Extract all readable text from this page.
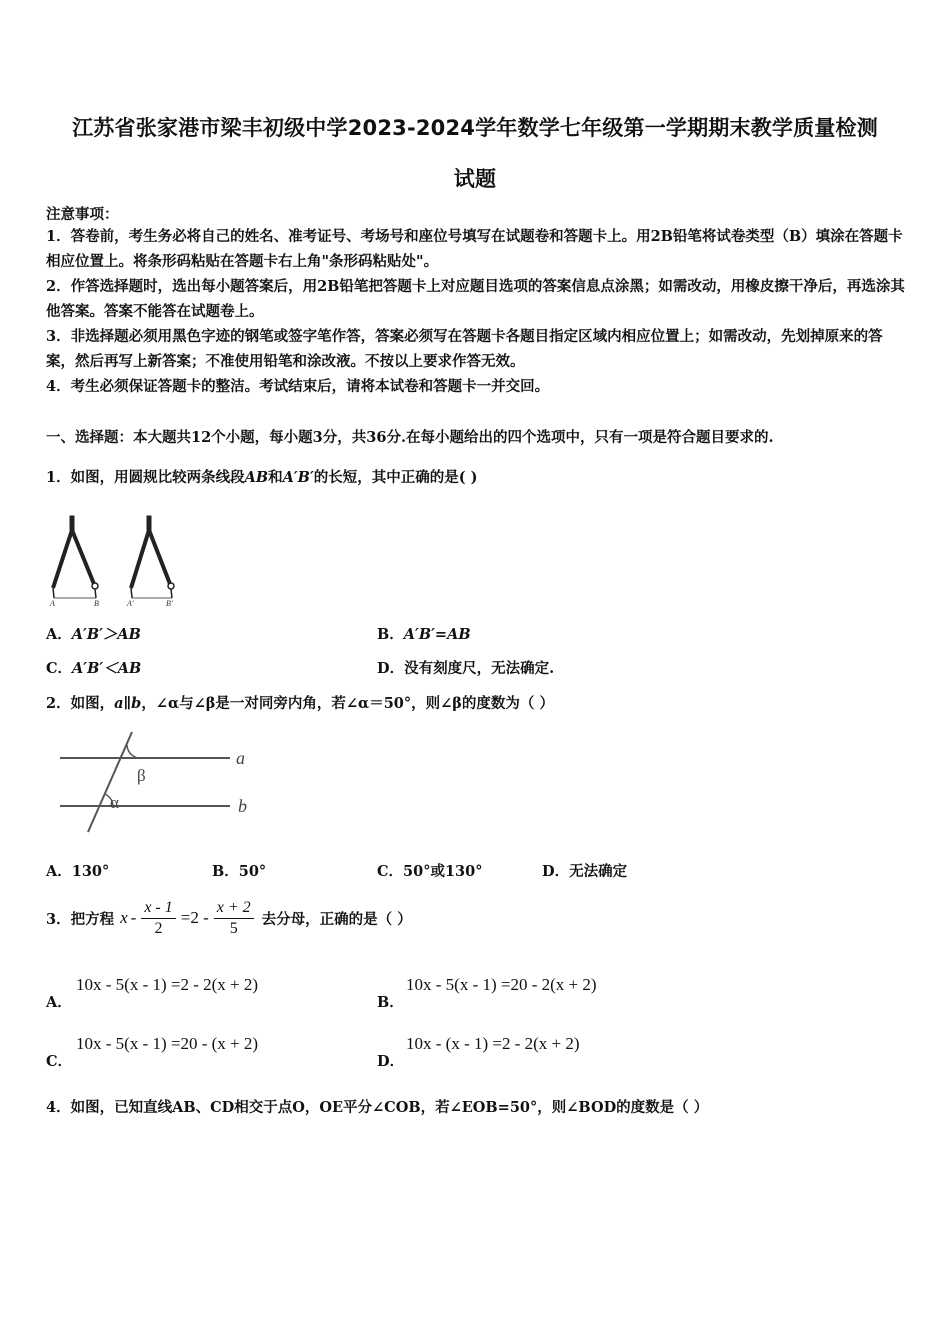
江苏省张家港市梁丰初级中学2023-2024学年数学七年级第一学期期末教学质量检测
试题
注意事项：
1．答卷前，考生务必将自己的姓名、准考证号、考场号和座位号填写在试题卷和答题卡上。用2B铅笔将试卷类型（B）填涂在答题卡相应位置上。将条形码粘贴在答题卡右上角"条形码粘贴处"。
2．作答选择题时，选出每小题答案后，用2B铅笔把答题卡上对应题目选项的答案信息点涂黑；如需改动，用橡皮擦干净后，再选涂其他答案。答案不能答在试题卷上。
3．非选择题必须用黑色字迹的钢笔或签字笔作答，答案必须写在答题卡各题目指定区域内相应位置上；如需改动，先划掉原来的答案，然后再写上新答案；不准使用铅笔和涂改液。不按以上要求作答无效。
4．考生必须保证答题卡的整洁。考试结束后，请将本试卷和答题卡一并交回。
一、选择题：本大题共12个小题，每小题3分，共36分.在每小题给出的四个选项中，只有一项是符合题目要求的.
1．如图，用圆规比较两条线段AB和A′B′的长短，其中正确的是( )
A	B	A′	B′
A．A′B′＞AB	B．A′B′=AB
C．A′B′＜AB	D．没有刻度尺，无法确定.
2．如图，a∥b，∠α与∠β是一对同旁内角，若∠α＝50°，则∠β的度数为（ ）
β
α
a
b
A．130°	B．50°	C．50°或130°	D．无法确定
3．把方程 $x - \frac{x - 1}{2} =2 - \frac{x + 2}{5}$ 去分母，正确的是（ ）
A．
10x - 5(x - 1) =2 - 2(x + 2)
B．
10x - 5(x - 1) =20 - 2(x + 2)
C．
10x - 5(x - 1) =20 - (x + 2)
D．
10x - (x - 1) =2 - 2(x + 2)
4．如图，已知直线AB、CD相交于点O，OE平分∠COB，若∠EOB=50°，则∠BOD的度数是（ ）
